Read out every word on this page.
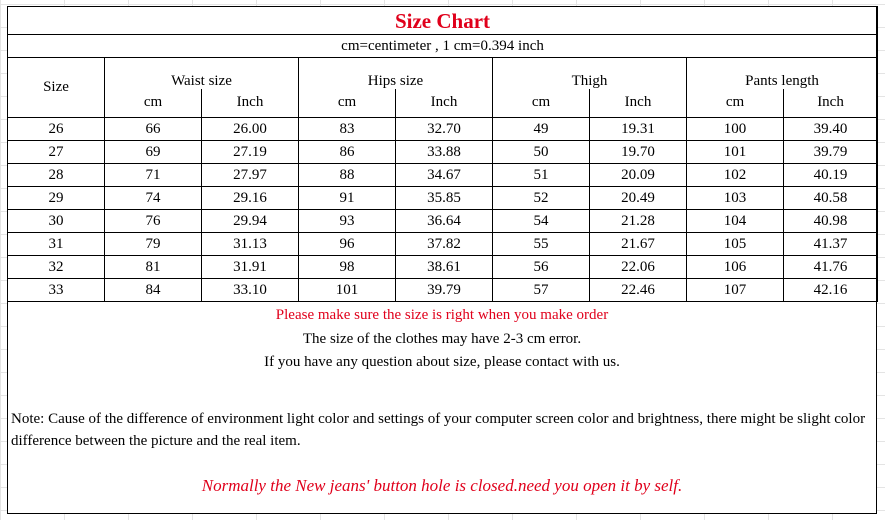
Size Chart								
cm=centimeter , 1 cm=0.394 inch								
Size	Waist size		Hips size		Thigh		Pants length	
	cm	Inch	cm	Inch	cm	Inch	cm	Inch
26	66	26.00	83	32.70	49	19.31	100	39.40
27	69	27.19	86	33.88	50	19.70	101	39.79
28	71	27.97	88	34.67	51	20.09	102	40.19
29	74	29.16	91	35.85	52	20.49	103	40.58
30	76	29.94	93	36.64	54	21.28	104	40.98
31	79	31.13	96	37.82	55	21.67	105	41.37
32	81	31.91	98	38.61	56	22.06	106	41.76
33	84	33.10	101	39.79	57	22.46	107	42.16
Please make sure the size is right when you make order
The size of the clothes may have 2-3 cm error.
If you have any question about size, please contact with us.
Note: Cause of the difference of environment light color and settings of your computer screen color and brightness, there might be slight color difference between the picture and the real item.
Normally the New jeans' button hole is closed.need you open it by self.
